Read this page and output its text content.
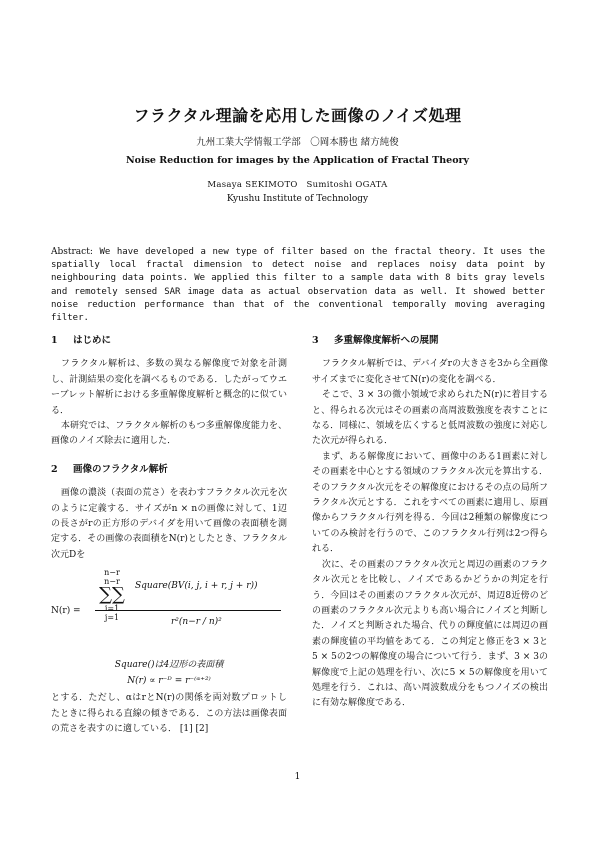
フラクタル理論を応用した画像のノイズ処理
九州工業大学情報工学部　〇岡本勝也 緒方純俊
Noise Reduction for images by the Application of Fractal Theory
Masaya SEKIMOTO　Sumitoshi OGATA
Kyushu Institute of Technology
Abstract: We have developed a new type of filter based on the fractal theory. It uses the spatially local fractal dimension to detect noise and replaces noisy data point by neighbouring data points. We applied this filter to a sample data with 8 bits gray levels and remotely sensed SAR image data as actual observation data as well. It showed better noise reduction performance than that of the conventional temporally moving averaging filter.
1 はじめに

フラクタル解析は、多数の異なる解像度で対象を計測し、計測結果の変化を調べるものである．したがってウエーブレット解析における多重解像度解析と概念的に似ている．

本研究では、フラクタル解析のもつ多重解像度能力を、画像のノイズ除去に適用した．

2 画像のフラクタル解析

画像の濃淡（表面の荒さ）を表わすフラクタル次元を次のように定義する．サイズがn × nの画像に対して、1辺の長さがrの正方形のデバイダを用いて画像の表面積を測定する．その画像の表面積をN(r)としたとき、フラクタル次元Dを

N(r) =
n−r n−r
∑∑
i=1 j=1
Square(BV(i, j, i + r, j + r))
r²(n−r / n)²
Square()は4辺形の表面積
N(r) ∝ r⁻ᴰ = r⁻⁽ᵅ⁺²⁾

とする．ただし、αはrとN(r)の関係を両対数プロットしたときに得られる直線の傾きである．この方法は画像表面の荒さを表すのに適している． [1] [2]

3 多重解像度解析への展開

フラクタル解析では、デバイダrの大きさを3から全画像サイズまでに変化させてN(r)の変化を調べる．

そこで、3 × 3の微小領域で求められたN(r)に着目すると、得られる次元はその画素の高周波数強度を表すことになる．同様に、領域を広くすると低周波数の強度に対応した次元が得られる．

まず、ある解像度において、画像中のある1画素に対しその画素を中心とする領域のフラクタル次元を算出する．そのフラクタル次元をその解像度におけるその点の局所フラクタル次元とする．これをすべての画素に適用し、原画像からフラクタル行列を得る．今回は2種類の解像度についてのみ検討を行うので、このフラクタル行列は2つ得られる．

次に、その画素のフラクタル次元と周辺の画素のフラクタル次元とを比較し、ノイズであるかどうかの判定を行う．今回はその画素のフラクタル次元が、周辺8近傍のどの画素のフラクタル次元よりも高い場合にノイズと判断した．ノイズと判断された場合、代りの輝度値には周辺の画素の輝度値の平均値をあてる．この判定と修正を3 × 3と5 × 5の2つの解像度の場合について行う．まず、3 × 3の解像度で上記の処理を行い、次に5 × 5の解像度を用いて処理を行う．これは、高い周波数成分をもつノイズの検出に有効な解像度である．

1
